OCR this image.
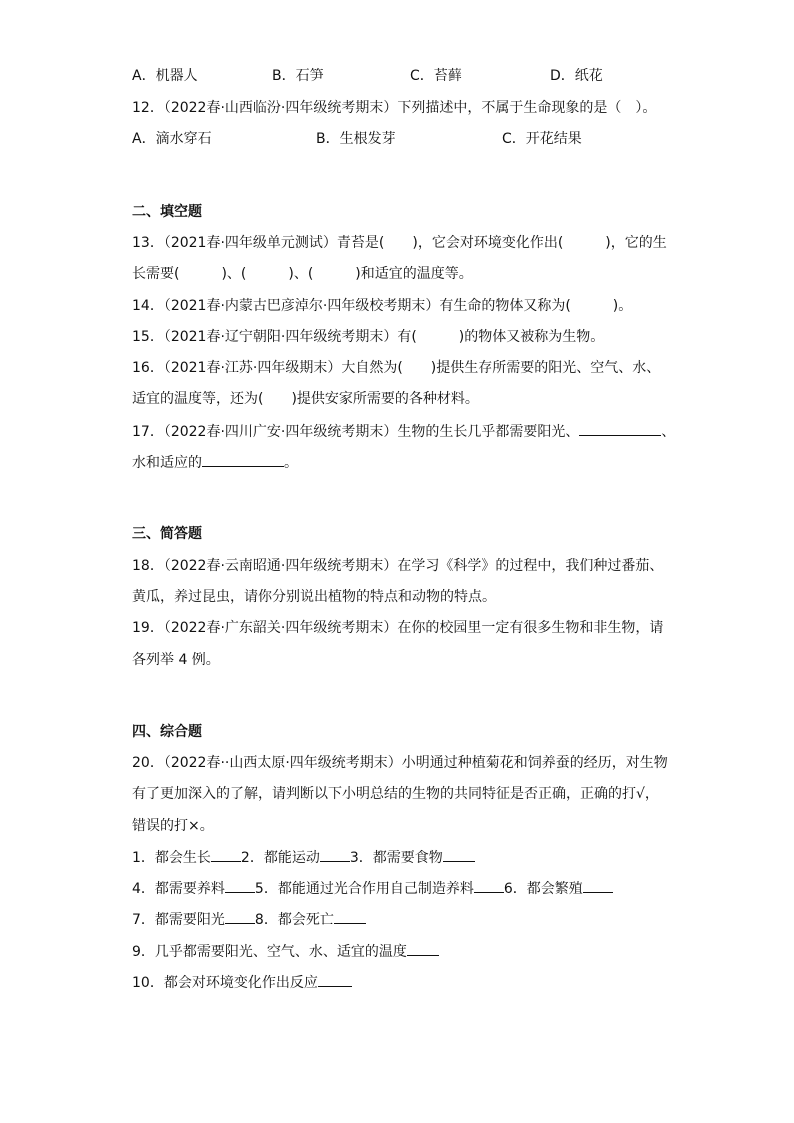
A．机器人	B．石笋	C．苔藓	D．纸花
12．（2022春·山西临汾·四年级统考期末）下列描述中，不属于生命现象的是（　）。
A．滴水穿石	B．生根发芽	C．开花结果
二、填空题
13．（2021春·四年级单元测试）青苔是(　　)，它会对环境变化作出(　　　)，它的生
长需要(　　　)、(　　　)、(　　　)和适宜的温度等。
14．（2021春·内蒙古巴彦淖尔·四年级校考期末）有生命的物体又称为(　　　)。
15．（2021春·辽宁朝阳·四年级统考期末）有(　　　)的物体又被称为生物。
16．（2021春·江苏·四年级期末）大自然为(　　)提供生存所需要的阳光、空气、水、
适宜的温度等，还为(　　)提供安家所需要的各种材料。
17．（2022春·四川广安·四年级统考期末）生物的生长几乎都需要阳光、	、
水和适应的	。
三、简答题
18．（2022春·云南昭通·四年级统考期末）在学习《科学》的过程中，我们种过番茄、
黄瓜，养过昆虫，请你分别说出植物的特点和动物的特点。
19．（2022春·广东韶关·四年级统考期末）在你的校园里一定有很多生物和非生物，请
各列举 4 例。
四、综合题
20．（2022春··山西太原·四年级统考期末）小明通过种植菊花和饲养蚕的经历，对生物
有了更加深入的了解，请判断以下小明总结的生物的共同特征是否正确，正确的打√，
错误的打×。
1．都会生长 2．都能运动 3．都需要食物
4．都需要养料 5．都能通过光合作用自己制造养料 6．都会繁殖
7．都需要阳光 8．都会死亡
9．几乎都需要阳光、空气、水、适宜的温度
10．都会对环境变化作出反应
